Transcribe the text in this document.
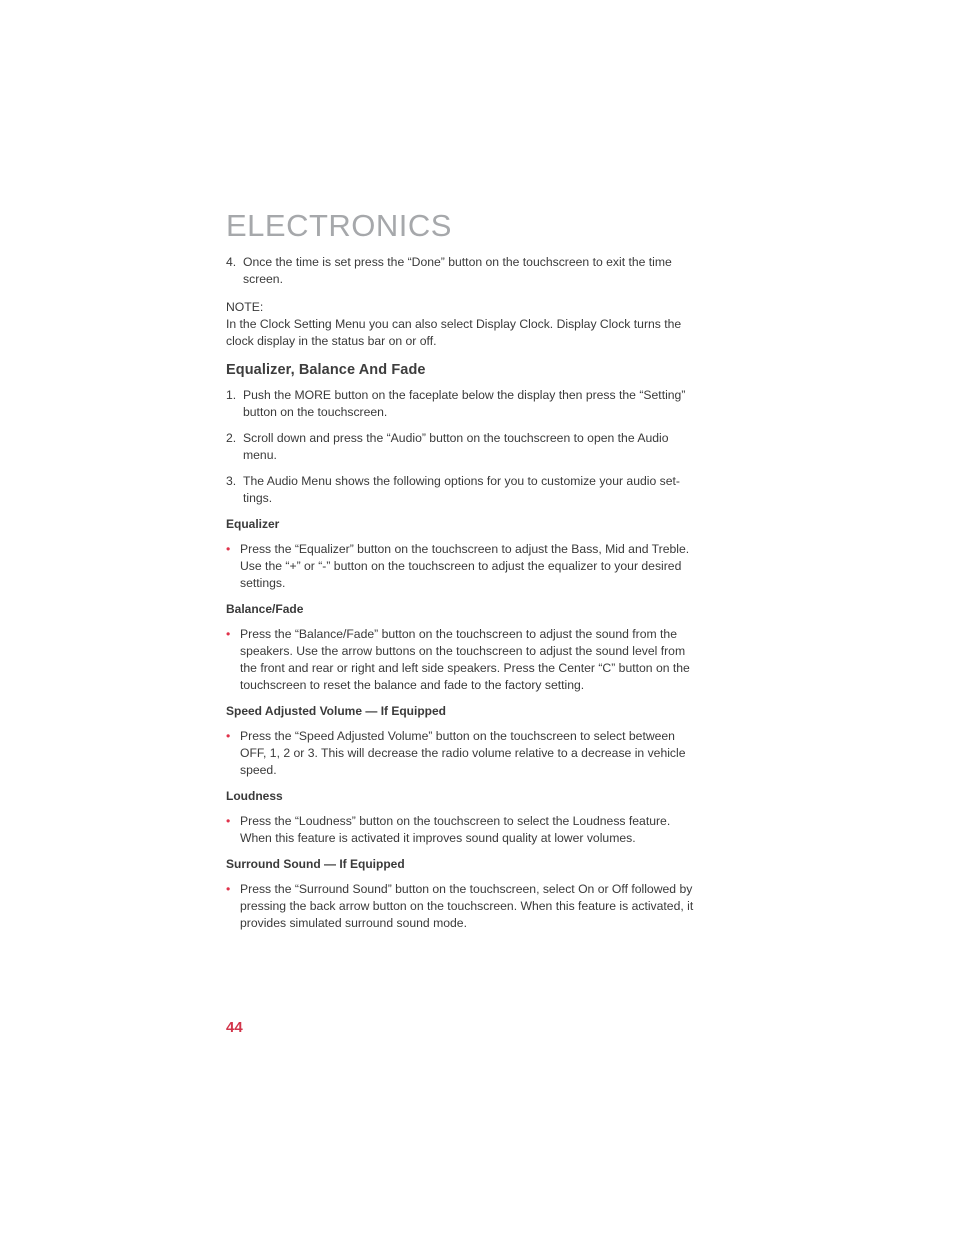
ELECTRONICS

4. Once the time is set press the “Done” button on the touchscreen to exit the time screen.

NOTE:

In the Clock Setting Menu you can also select Display Clock. Display Clock turns the clock display in the status bar on or off.

Equalizer, Balance And Fade

1. Push the MORE button on the faceplate below the display then press the “Setting” button on the touchscreen.

2. Scroll down and press the “Audio” button on the touchscreen to open the Audio menu.

3. The Audio Menu shows the following options for you to customize your audio set-tings.

Equalizer

• Press the “Equalizer” button on the touchscreen to adjust the Bass, Mid and Treble. Use the “+” or “-” button on the touchscreen to adjust the equalizer to your desired settings.

Balance/Fade

• Press the “Balance/Fade” button on the touchscreen to adjust the sound from the speakers. Use the arrow buttons on the touchscreen to adjust the sound level from the front and rear or right and left side speakers. Press the Center “C” button on the touchscreen to reset the balance and fade to the factory setting.

Speed Adjusted Volume — If Equipped

• Press the “Speed Adjusted Volume” button on the touchscreen to select between OFF, 1, 2 or 3. This will decrease the radio volume relative to a decrease in vehicle speed.

Loudness

• Press the “Loudness” button on the touchscreen to select the Loudness feature. When this feature is activated it improves sound quality at lower volumes.

Surround Sound — If Equipped

• Press the “Surround Sound” button on the touchscreen, select On or Off followed by pressing the back arrow button on the touchscreen. When this feature is activated, it provides simulated surround sound mode.

44
